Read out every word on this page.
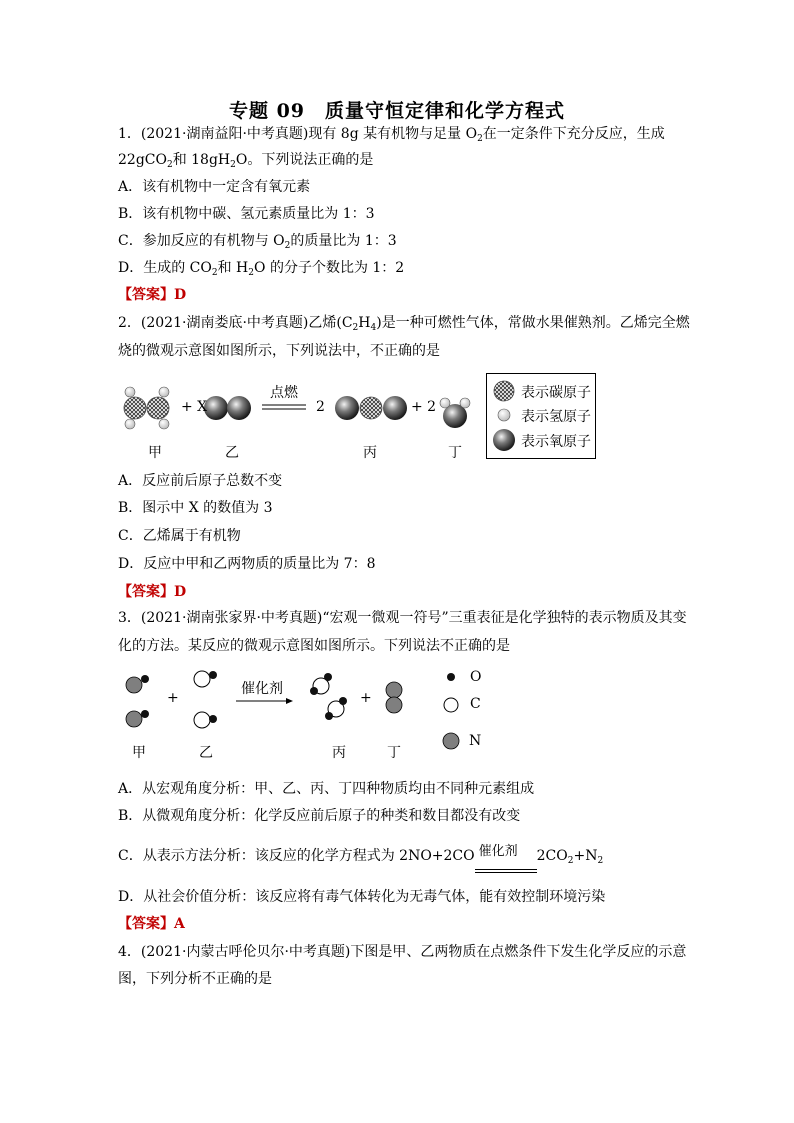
专题 09　质量守恒定律和化学方程式
1．(2021·湖南益阳·中考真题)现有 8g 某有机物与足量 $O_2$在一定条件下充分反应，生成
22gCO$_2$和 $18gH_2O$。下列说法正确的是
A．该有机物中一定含有氧元素
B．该有机物中碳、氢元素质量比为 1：3
C．参加反应的有机物与 $O_2$的质量比为 1：3
D．生成的 $CO_2$和 $H_2O$ 的分子个数比为 1：2
【答案】D
2．(2021·湖南娄底·中考真题)乙烯$(C_2H_4)$是一种可燃性气体，常做水果催熟剂。乙烯完全燃
烧的微观示意图如图所示，下列说法中，不正确的是
+ X
点燃
2	+ 2
甲	乙	丙	丁
表示碳原子
表示氢原子
表示氧原子
A．反应前后原子总数不变
B．图示中 X 的数值为 3
C．乙烯属于有机物
D．反应中甲和乙两物质的质量比为 7：8
【答案】D
3．(2021·湖南张家界·中考真题)“宏观一微观一符号”三重表征是化学独特的表示物质及其变
化的方法。某反应的微观示意图如图所示。下列说法不正确的是
+	+
催化剂
甲	乙	丙	丁
O
C
N
A．从宏观角度分析：甲、乙、丙、丁四种物质均由不同种元素组成
B．从微观角度分析：化学反应前后原子的种类和数目都没有改变
C．从表示方法分析：该反应的化学方程式为 2NO+2CO 催化剂 $2CO_2+N_2$
D．从社会价值分析：该反应将有毒气体转化为无毒气体，能有效控制环境污染
【答案】A
4．(2021·内蒙古呼伦贝尔·中考真题)下图是甲、乙两物质在点燃条件下发生化学反应的示意
图，下列分析不正确的是
